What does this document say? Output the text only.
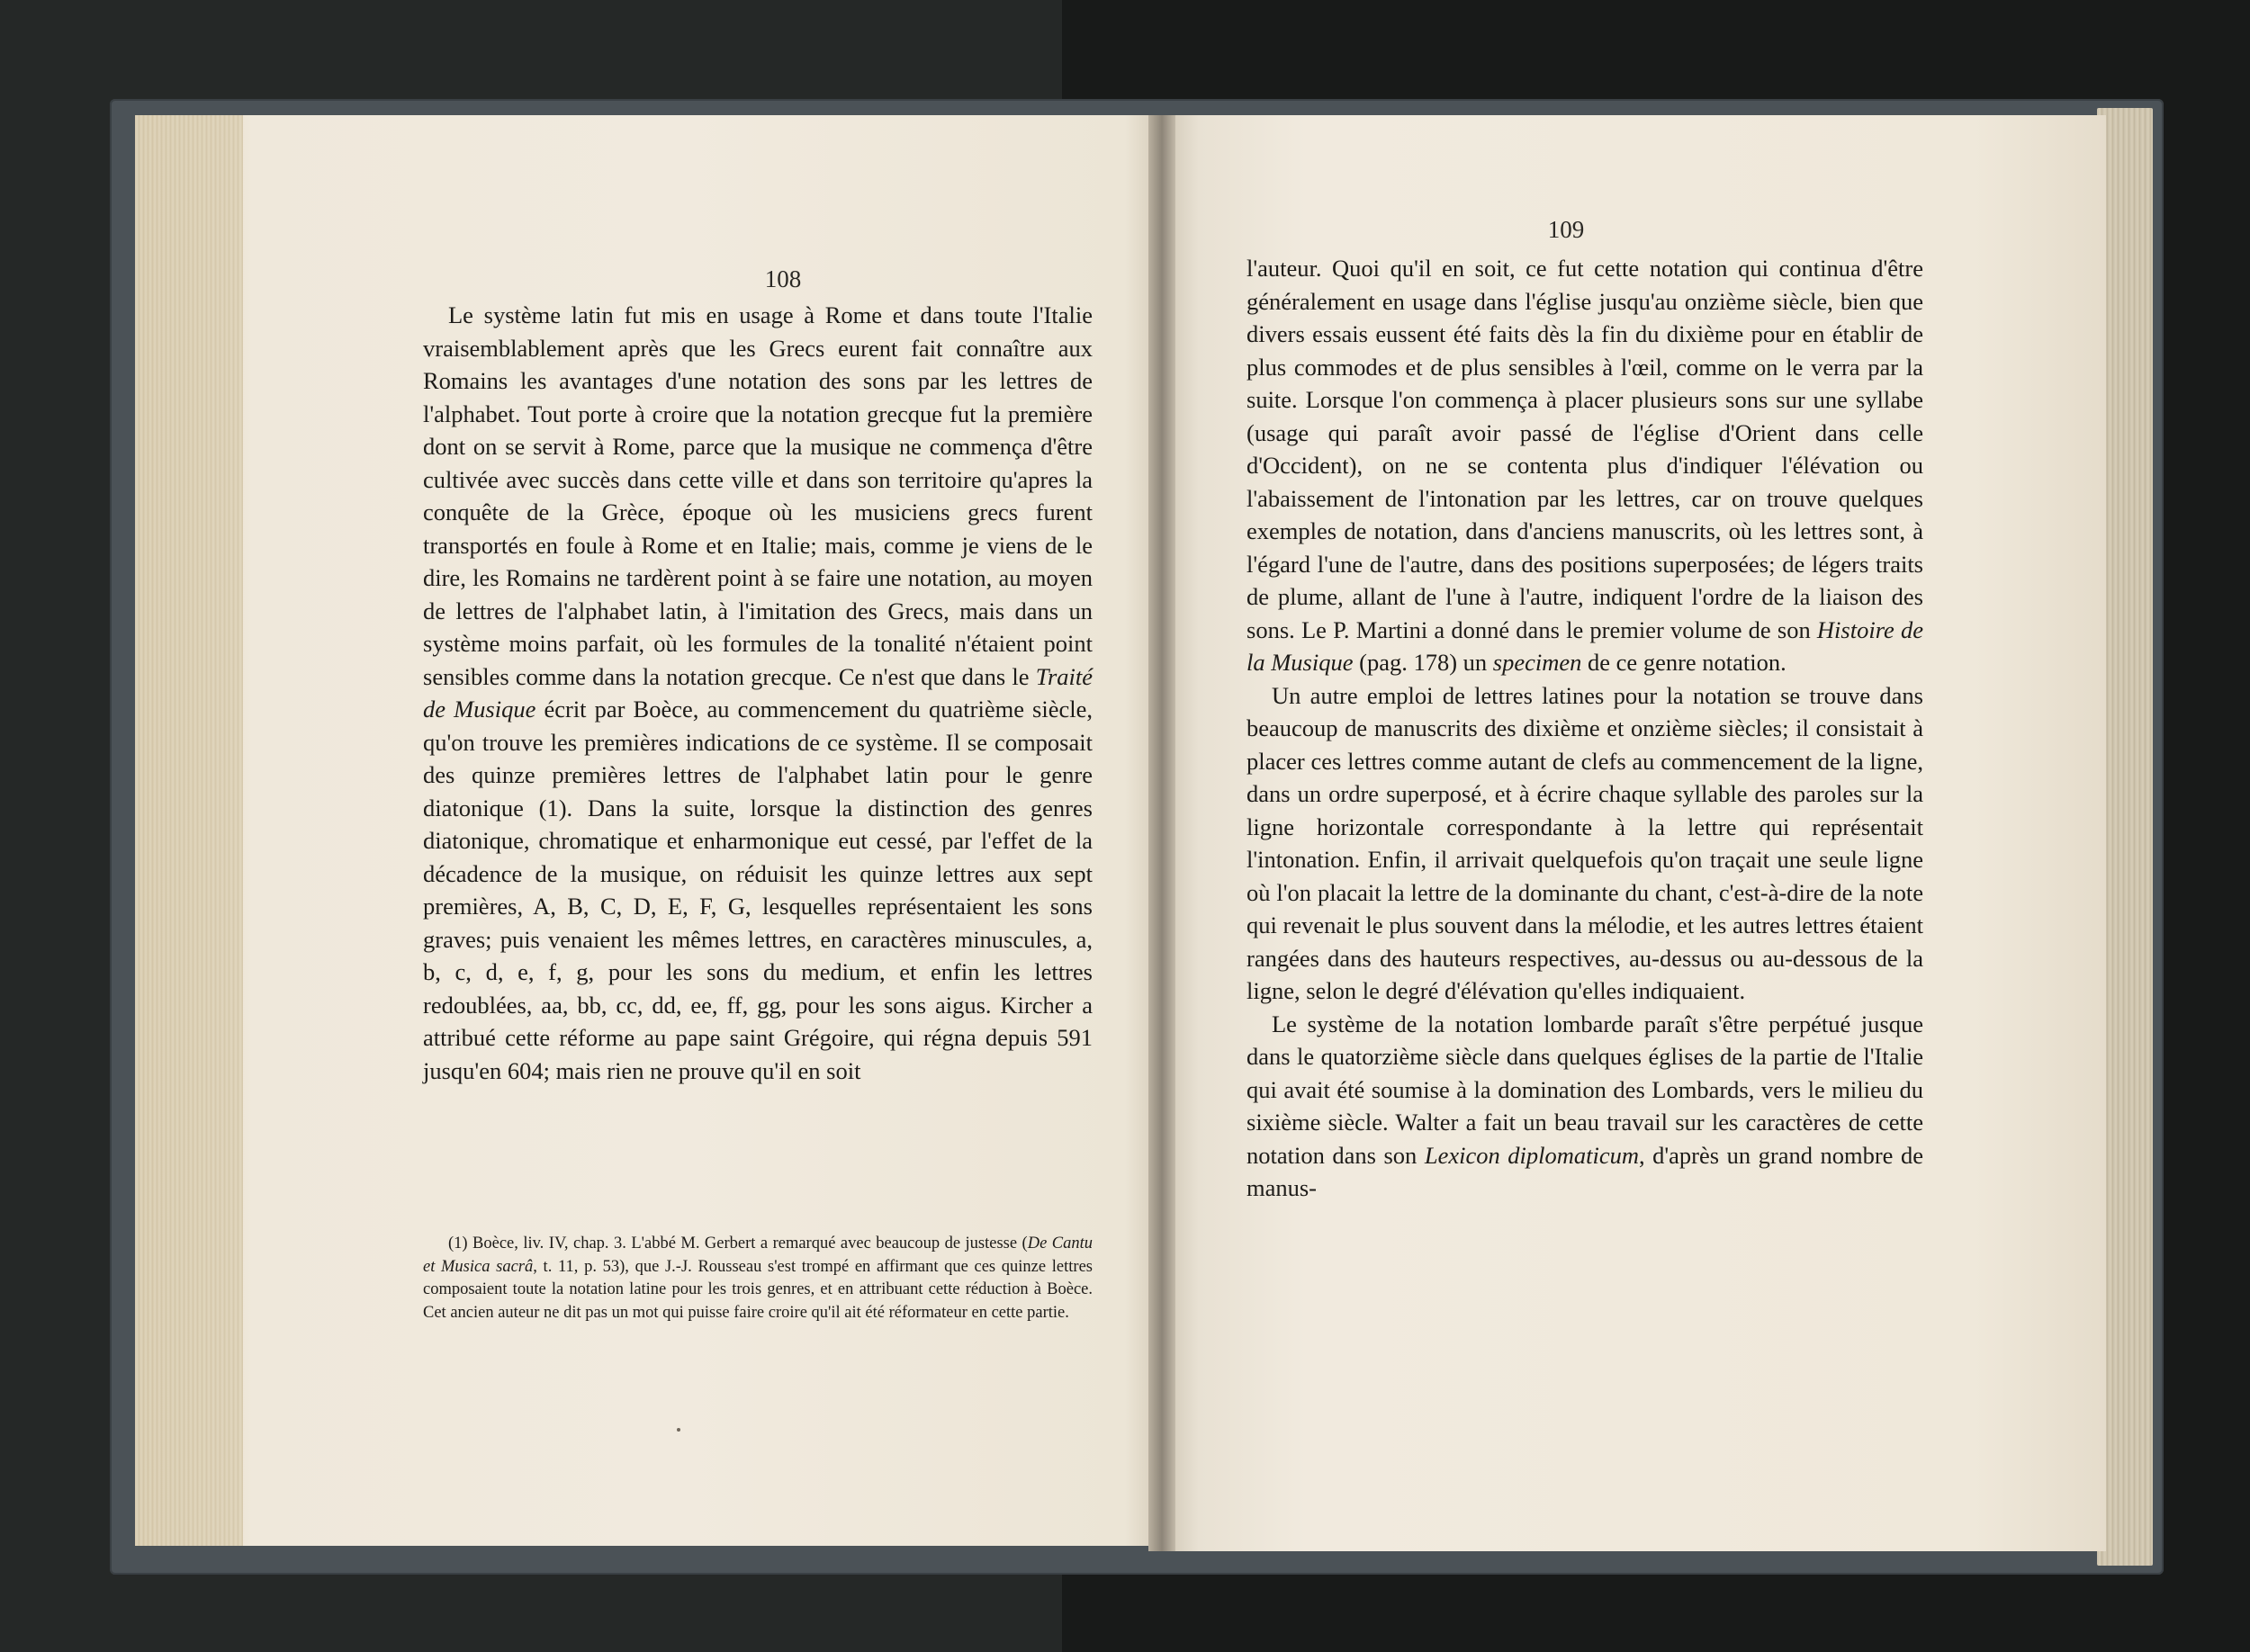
108

Le système latin fut mis en usage à Rome et dans toute l'Italie vraisemblablement après que les Grecs eurent fait connaître aux Romains les avantages d'une notation des sons par les lettres de l'alphabet. Tout porte à croire que la notation grecque fut la première dont on se servit à Rome, parce que la musique ne commença d'être cultivée avec succès dans cette ville et dans son territoire qu'apres la conquête de la Grèce, époque où les musiciens grecs furent transportés en foule à Rome et en Italie; mais, comme je viens de le dire, les Romains ne tardèrent point à se faire une notation, au moyen de lettres de l'alphabet latin, à l'imitation des Grecs, mais dans un système moins parfait, où les formules de la tonalité n'étaient point sensibles comme dans la notation grecque. Ce n'est que dans le Traité de Musique écrit par Boèce, au commencement du quatrième siècle, qu'on trouve les premières indications de ce système. Il se composait des quinze premières lettres de l'alphabet latin pour le genre diatonique (1). Dans la suite, lorsque la distinction des genres diatonique, chromatique et enharmonique eut cessé, par l'effet de la décadence de la musique, on réduisit les quinze lettres aux sept premières, A, B, C, D, E, F, G, lesquelles représentaient les sons graves; puis venaient les mêmes lettres, en caractères minuscules, a, b, c, d, e, f, g, pour les sons du medium, et enfin les lettres redoublées, aa, bb, cc, dd, ee, ff, gg, pour les sons aigus. Kircher a attribué cette réforme au pape saint Grégoire, qui régna depuis 591 jusqu'en 604; mais rien ne prouve qu'il en soit

(1) Boèce, liv. IV, chap. 3. L'abbé M. Gerbert a remarqué avec beaucoup de justesse (De Cantu et Musica sacrâ, t. 11, p. 53), que J.-J. Rousseau s'est trompé en affirmant que ces quinze lettres composaient toute la notation latine pour les trois genres, et en attribuant cette réduction à Boèce. Cet ancien auteur ne dit pas un mot qui puisse faire croire qu'il ait été réformateur en cette partie.

109

l'auteur. Quoi qu'il en soit, ce fut cette notation qui continua d'être généralement en usage dans l'église jusqu'au onzième siècle, bien que divers essais eussent été faits dès la fin du dixième pour en établir de plus commodes et de plus sensibles à l'œil, comme on le verra par la suite. Lorsque l'on commença à placer plusieurs sons sur une syllabe (usage qui paraît avoir passé de l'église d'Orient dans celle d'Occident), on ne se contenta plus d'indiquer l'élévation ou l'abaissement de l'intonation par les lettres, car on trouve quelques exemples de notation, dans d'anciens manuscrits, où les lettres sont, à l'égard l'une de l'autre, dans des positions superposées; de légers traits de plume, allant de l'une à l'autre, indiquent l'ordre de la liaison des sons. Le P. Martini a donné dans le premier volume de son Histoire de la Musique (pag. 178) un specimen de ce genre notation.

Un autre emploi de lettres latines pour la notation se trouve dans beaucoup de manuscrits des dixième et onzième siècles; il consistait à placer ces lettres comme autant de clefs au commencement de la ligne, dans un ordre superposé, et à écrire chaque syllable des paroles sur la ligne horizontale correspondante à la lettre qui représentait l'intonation. Enfin, il arrivait quelquefois qu'on traçait une seule ligne où l'on placait la lettre de la dominante du chant, c'est-à-dire de la note qui revenait le plus souvent dans la mélodie, et les autres lettres étaient rangées dans des hauteurs respectives, au-dessus ou au-dessous de la ligne, selon le degré d'élévation qu'elles indiquaient.

Le système de la notation lombarde paraît s'être perpétué jusque dans le quatorzième siècle dans quelques églises de la partie de l'Italie qui avait été soumise à la domination des Lombards, vers le milieu du sixième siècle. Walter a fait un beau travail sur les caractères de cette notation dans son Lexicon diplomaticum, d'après un grand nombre de manus-
